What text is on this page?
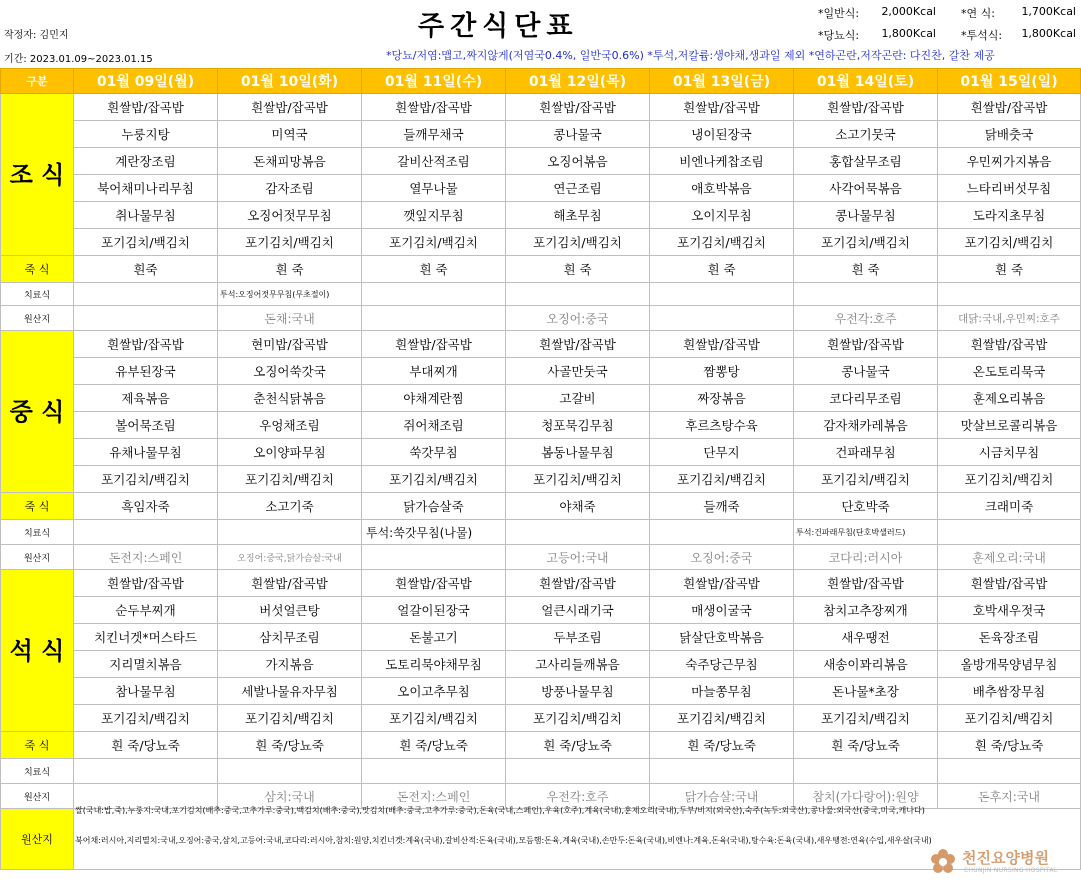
주간식단표
작정자: 김민지
기간: 2023.01.09~2023.01.15	*당뇨/저염:맵고,짜지않게(저염국0.4%, 일반국0.6%) *투석,저칼륨:생야채,생과일 제외 *연하곤란,저작곤란: 다진찬, 갈찬 제공
*일반식: 2,000Kcal *연 식: 1,700Kcal
*당뇨식: 1,800Kcal *투석식: 1,800Kcal
구분	01월 09일(월)	01월 10일(화)	01월 11일(수)	01월 12일(목)	01월 13일(금)	01월 14일(토)	01월 15일(일)
조 식	흰쌀밥/잡곡밥	흰쌀밥/잡곡밥	흰쌀밥/잡곡밥	흰쌀밥/잡곡밥	흰쌀밥/잡곡밥	흰쌀밥/잡곡밥	흰쌀밥/잡곡밥
	누룽지탕	미역국	들깨무채국	콩나물국	냉이된장국	소고기뭇국	닭배춧국
	계란장조림	돈채피망볶음	갈비산적조림	오징어볶음	비엔나케찹조림	홍합살무조림	우민찌가지볶음
	북어채미나리무침	감자조림	열무나물	연근조림	애호박볶음	사각어묵볶음	느타리버섯무침
	취나물무침	오징어젓무무침	깻잎지무침	해초무침	오이지무침	콩나물무침	도라지초무침
	포기김치/백김치	포기김치/백김치	포기김치/백김치	포기김치/백김치	포기김치/백김치	포기김치/백김치	포기김치/백김치
죽 식	흰죽	흰 죽	흰 죽	흰 죽	흰 죽	흰 죽	흰 죽
치료식		투석:오징어젓무무침(무초절이)					
원산지		돈채:국내		오징어:중국		우전각:호주	대닭:국내,우민찌:호주
중 식	흰쌀밥/잡곡밥	현미밥/잡곡밥	흰쌀밥/잡곡밥	흰쌀밥/잡곡밥	흰쌀밥/잡곡밥	흰쌀밥/잡곡밥	흰쌀밥/잡곡밥
	유부된장국	오징어쑥갓국	부대찌개	사골만둣국	짬뽕탕	콩나물국	온도토리묵국
	제육볶음	춘천식닭볶음	야채계란찜	고갈비	짜장볶음	코다리무조림	훈제오리볶음
	볼어묵조림	우엉채조림	쥐어채조림	청포묵김무침	후르츠탕수육	감자채카레볶음	맛살브로콜리볶음
	유채나물무침	오이양파무침	쑥갓무침	봄동나물무침	단무지	건파래무침	시금치무침
	포기김치/백김치	포기김치/백김치	포기김치/백김치	포기김치/백김치	포기김치/백김치	포기김치/백김치	포기김치/백김치
죽 식	흑임자죽	소고기죽	닭가슴살죽	야채죽	들깨죽	단호박죽	크래미죽
치료식			투석:쑥갓무침(나물)			투석:건파래무침(단호박샐러드)	
원산지	돈전지:스페인	오징어:중국,닭가슴살:국내		고등어:국내	오징어:중국	코다리:러시아	훈제오리:국내
석 식	흰쌀밥/잡곡밥	흰쌀밥/잡곡밥	흰쌀밥/잡곡밥	흰쌀밥/잡곡밥	흰쌀밥/잡곡밥	흰쌀밥/잡곡밥	흰쌀밥/잡곡밥
	순두부찌개	버섯얼큰탕	얼갈이된장국	얼큰시래기국	매생이굴국	참치고추장찌개	호박새우젓국
	치킨너겟*머스타드	삼치무조림	돈불고기	두부조림	닭살단호박볶음	새우땡전	돈육장조림
	지리멸치볶음	가지볶음	도토리묵야채무침	고사리들깨볶음	숙주당근무침	새송이꽈리볶음	올방개묵양념무침
	참나물무침	세발나물유자무침	오이고추무침	방풍나물무침	마늘쫑무침	돈나물*초장	배추쌈장무침
	포기김치/백김치	포기김치/백김치	포기김치/백김치	포기김치/백김치	포기김치/백김치	포기김치/백김치	포기김치/백김치
죽 식	흰 죽/당뇨죽	흰 죽/당뇨죽	흰 죽/당뇨죽	흰 죽/당뇨죽	흰 죽/당뇨죽	흰 죽/당뇨죽	흰 죽/당뇨죽
치료식							
원산지		삼치:국내	돈전지:스페인	우전각:호주	닭가슴살:국내	참치(가다랑어):원양	돈후지:국내
원산지							
쌀(국내:밥,죽),누룽지:국내,포기김치(배추:중국,고추가루:중국),백김치(배추:중국),맛김치(배추:중국,고추가루:중국),돈육(국내,스페인),우육(호주),계육(국내),훈제오리(국내),두부/비지(외국산),숙주(녹두:외국산),콩나물:외국산(중국,미국,캐나다)
북어채:러시아,지리멸치:국내,오징어:중국,삼치,고등어:국내,코다리:러시아,참치:원양,치킨너겟:계육(국내),갈비산적:돈육(국내),모듬햄:돈육,계육(국내),손만두:돈육(국내),비엔나:계육,돈육(국내),탕수육:돈육(국내),새우땡전:연육(수입,새우살(국내)
천진요양병원
CHUNJIN NURSING HOSPITAL
